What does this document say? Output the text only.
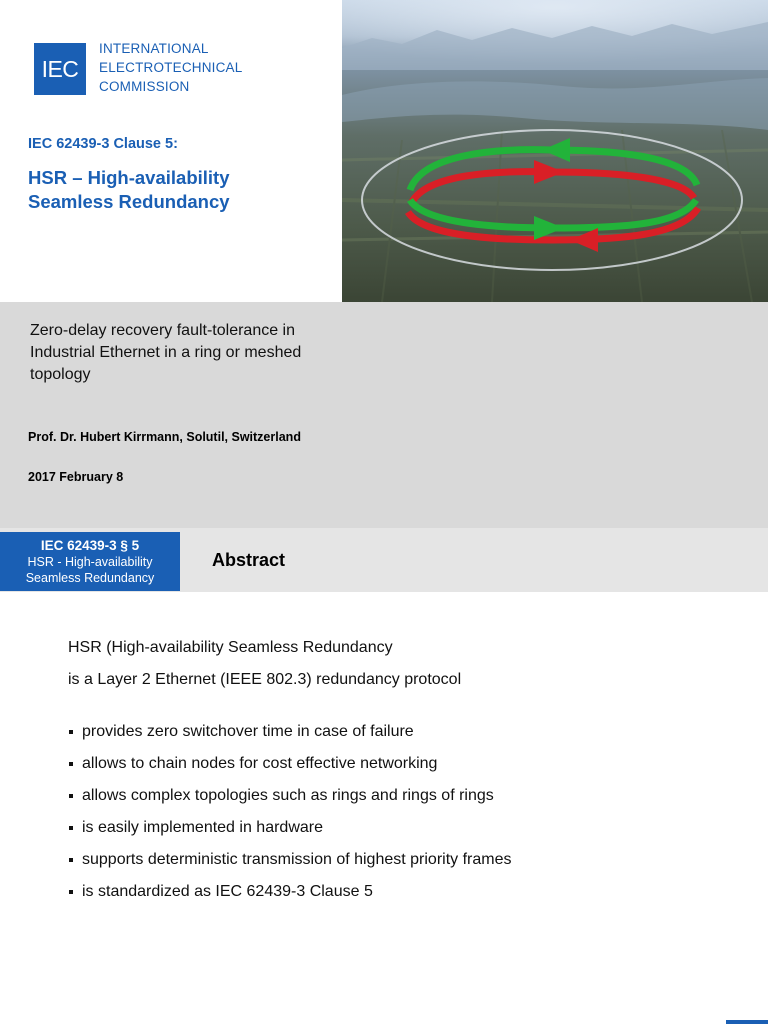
IEC
INTERNATIONAL
ELECTROTECHNICAL
COMMISSION
IEC 62439-3 Clause 5:
HSR – High-availability
Seamless Redundancy
Zero-delay recovery fault-tolerance in
Industrial Ethernet in a ring or meshed
topology
Prof. Dr. Hubert Kirrmann, Solutil, Switzerland
2017 February 8
IEC 62439-3 § 5
HSR - High-availability
Seamless Redundancy
Abstract
HSR (High-availability Seamless Redundancy
is a Layer 2 Ethernet (IEEE 802.3) redundancy protocol
provides zero switchover time in case of failure
allows to chain nodes for cost effective networking
allows complex topologies such as rings and rings of rings
is easily implemented in hardware
supports deterministic transmission of highest priority frames
is standardized as IEC 62439-3 Clause 5
